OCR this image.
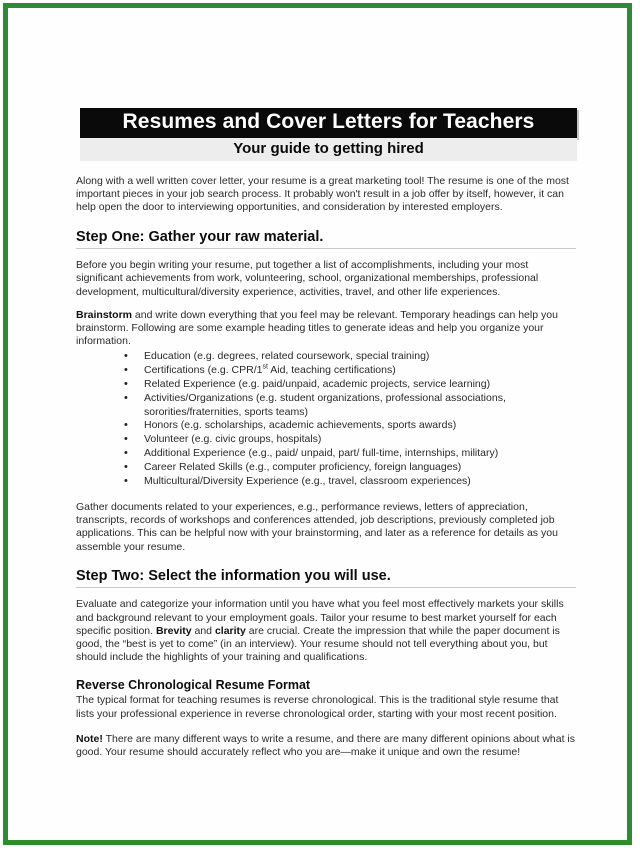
Resumes and Cover Letters for Teachers
Your guide to getting hired

Along with a well written cover letter, your resume is a great marketing tool! The resume is one of the most important pieces in your job search process. It probably won't result in a job offer by itself, however, it can help open the door to interviewing opportunities, and consideration by interested employers.

Step One: Gather your raw material.

Before you begin writing your resume, put together a list of accomplishments, including your most significant achievements from work, volunteering, school, organizational memberships, professional development, multicultural/diversity experience, activities, travel, and other life experiences.

Brainstorm and write down everything that you feel may be relevant. Temporary headings can help you brainstorm. Following are some example heading titles to generate ideas and help you organize your information.

• Education (e.g. degrees, related coursework, special training)
• Certifications (e.g. CPR/1st Aid, teaching certifications)
• Related Experience (e.g. paid/unpaid, academic projects, service learning)
• Activities/Organizations (e.g. student organizations, professional associations, sororities/fraternities, sports teams)
• Honors (e.g. scholarships, academic achievements, sports awards)
• Volunteer (e.g. civic groups, hospitals)
• Additional Experience (e.g., paid/ unpaid, part/ full-time, internships, military)
• Career Related Skills (e.g., computer proficiency, foreign languages)
• Multicultural/Diversity Experience (e.g., travel, classroom experiences)

Gather documents related to your experiences, e.g., performance reviews, letters of appreciation, transcripts, records of workshops and conferences attended, job descriptions, previously completed job applications. This can be helpful now with your brainstorming, and later as a reference for details as you assemble your resume.

Step Two: Select the information you will use.

Evaluate and categorize your information until you have what you feel most effectively markets your skills and background relevant to your employment goals. Tailor your resume to best market yourself for each specific position. Brevity and clarity are crucial. Create the impression that while the paper document is good, the “best is yet to come” (in an interview). Your resume should not tell everything about you, but should include the highlights of your training and qualifications.

Reverse Chronological Resume Format

The typical format for teaching resumes is reverse chronological. This is the traditional style resume that lists your professional experience in reverse chronological order, starting with your most recent position.

Note! There are many different ways to write a resume, and there are many different opinions about what is good. Your resume should accurately reflect who you are—make it unique and own the resume!
